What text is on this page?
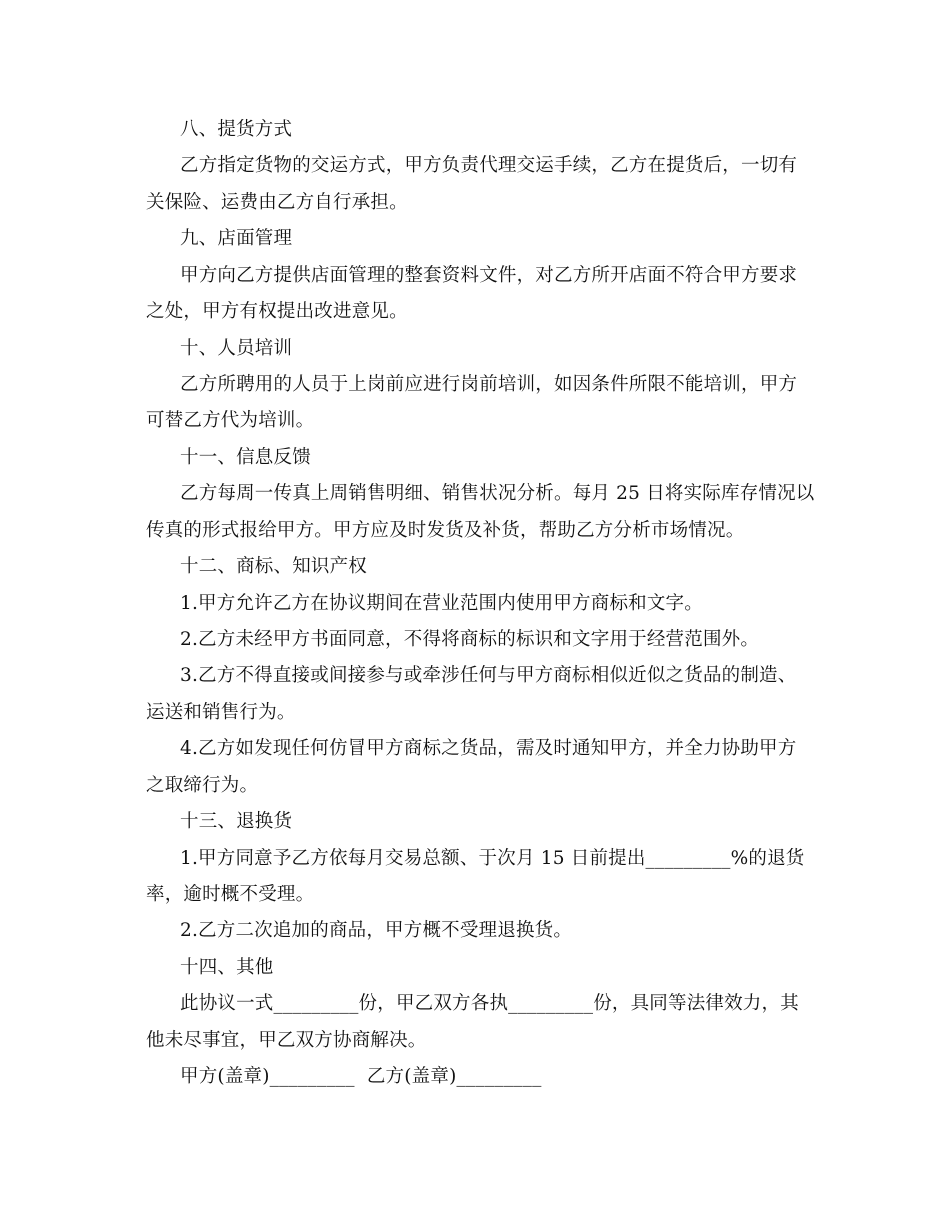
八、提货方式
乙方指定货物的交运方式，甲方负责代理交运手续，乙方在提货后，一切有
关保险、运费由乙方自行承担。
九、店面管理
甲方向乙方提供店面管理的整套资料文件，对乙方所开店面不符合甲方要求
之处，甲方有权提出改进意见。
十、人员培训
乙方所聘用的人员于上岗前应进行岗前培训，如因条件所限不能培训，甲方
可替乙方代为培训。
十一、信息反馈
乙方每周一传真上周销售明细、销售状况分析。每月 25 日将实际库存情况以
传真的形式报给甲方。甲方应及时发货及补货，帮助乙方分析市场情况。
十二、商标、知识产权
1.甲方允许乙方在协议期间在营业范围内使用甲方商标和文字。
2.乙方未经甲方书面同意，不得将商标的标识和文字用于经营范围外。
3.乙方不得直接或间接参与或牵涉任何与甲方商标相似近似之货品的制造、
运送和销售行为。
4.乙方如发现任何仿冒甲方商标之货品，需及时通知甲方，并全力协助甲方
之取缔行为。
十三、退换货
1.甲方同意予乙方依每月交易总额、于次月 15 日前提出_________%的退货
率，逾时概不受理。
2.乙方二次追加的商品，甲方概不受理退换货。
十四、其他
此协议一式_________份，甲乙双方各执_________份，具同等法律效力，其
他未尽事宜，甲乙双方协商解决。
甲方(盖章)_________  乙方(盖章)_________
